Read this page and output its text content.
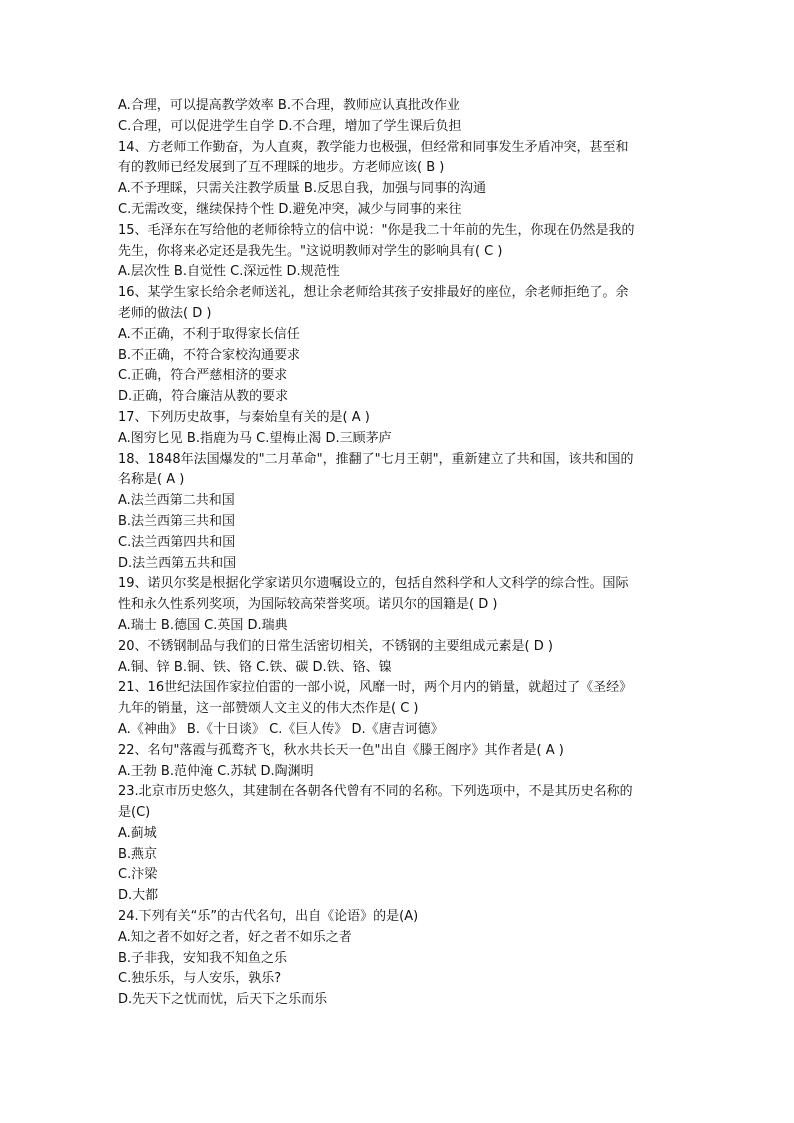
A.合理，可以提高教学效率 B.不合理，教师应认真批改作业
C.合理，可以促进学生自学 D.不合理，增加了学生课后负担
14、方老师工作勤奋，为人直爽，教学能力也极强，但经常和同事发生矛盾冲突，甚至和
有的教师已经发展到了互不理睬的地步。方老师应该( B )
A.不予理睬，只需关注教学质量 B.反思自我，加强与同事的沟通
C.无需改变，继续保持个性 D.避免冲突，减少与同事的来往
15、毛泽东在写给他的老师徐特立的信中说："你是我二十年前的先生，你现在仍然是我的
先生，你将来必定还是我先生。"这说明教师对学生的影响具有( C )
A.层次性 B.自觉性 C.深远性 D.规范性
16、某学生家长给余老师送礼，想让余老师给其孩子安排最好的座位，余老师拒绝了。余
老师的做法( D )
A.不正确，不利于取得家长信任
B.不正确，不符合家校沟通要求
C.正确，符合严慈相济的要求
D.正确，符合廉洁从教的要求
17、下列历史故事，与秦始皇有关的是( A )
A.图穷匕见 B.指鹿为马 C.望梅止渴 D.三顾茅庐
18、1848年法国爆发的"二月革命"，推翻了"七月王朝"，重新建立了共和国，该共和国的
名称是( A )
A.法兰西第二共和国
B.法兰西第三共和国
C.法兰西第四共和国
D.法兰西第五共和国
19、诺贝尔奖是根据化学家诺贝尔遗嘱设立的，包括自然科学和人文科学的综合性。国际
性和永久性系列奖项，为国际较高荣誉奖项。诺贝尔的国籍是( D )
A.瑞士 B.德国 C.英国 D.瑞典
20、不锈钢制品与我们的日常生活密切相关，不锈钢的主要组成元素是( D )
A.铜、锌 B.铜、铁、铬 C.铁、碳 D.铁、铬、镍
21、16世纪法国作家拉伯雷的一部小说，风靡一时，两个月内的销量，就超过了《圣经》
九年的销量，这一部赞颂人文主义的伟大杰作是( C )
A.《神曲》 B.《十日谈》 C.《巨人传》 D.《唐吉诃德》
22、名句"落霞与孤鹜齐飞，秋水共长天一色"出自《滕王阁序》其作者是( A )
A.王勃 B.范仲淹 C.苏轼 D.陶渊明
23.北京市历史悠久，其建制在各朝各代曾有不同的名称。下列选项中，不是其历史名称的
是(C)
A.蓟城
B.燕京
C.汴梁
D.大都
24.下列有关“乐”的古代名句，出自《论语》的是(A)
A.知之者不如好之者，好之者不如乐之者
B.子非我，安知我不知鱼之乐
C.独乐乐，与人安乐，孰乐?
D.先天下之忧而忧，后天下之乐而乐
